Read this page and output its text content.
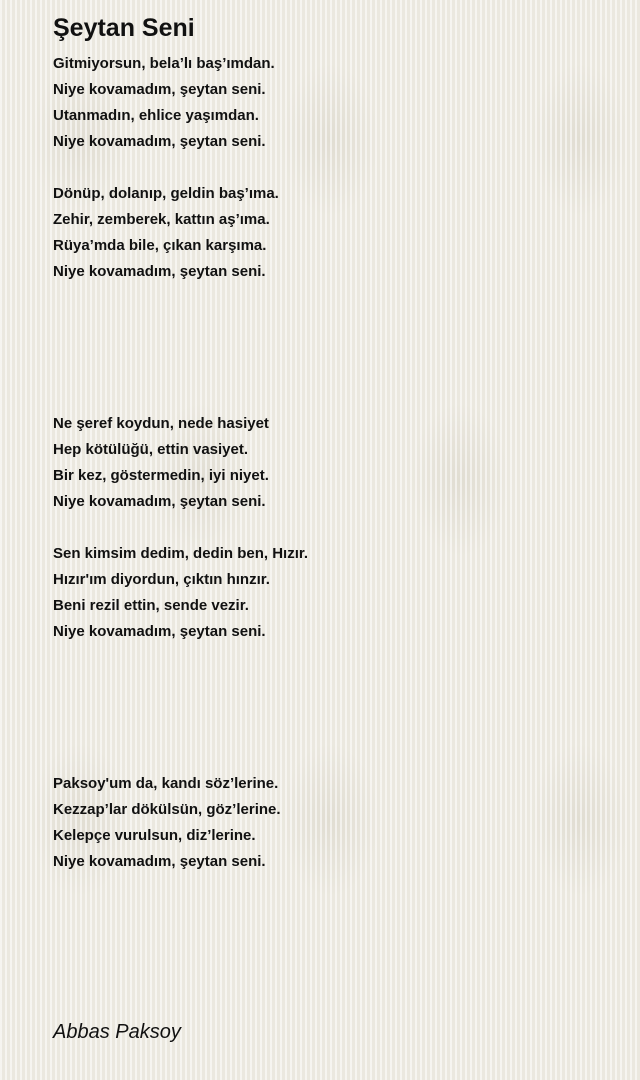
Şeytan Seni
Gitmiyorsun, bela’lı baş’ımdan.
Niye kovamadım, şeytan seni.
Utanmadın, ehlice yaşımdan.
Niye kovamadım, şeytan seni.
Dönüp, dolanıp, geldin baş’ıma.
Zehir, zemberek, kattın aş’ıma.
Rüya’mda bile, çıkan karşıma.
Niye kovamadım, şeytan seni.
Ne şeref koydun, nede hasiyet
Hep kötülüğü, ettin vasiyet.
Bir kez, göstermedin, iyi niyet.
Niye kovamadım, şeytan seni.
Sen kimsim dedim, dedin ben, Hızır.
Hızır'ım diyordun, çıktın hınzır.
Beni rezil ettin, sende vezir.
Niye kovamadım, şeytan seni.
Paksoy'um da, kandı söz’lerine.
Kezzap’lar dökülsün, göz’lerine.
Kelepçe vurulsun, diz’lerine.
Niye kovamadım, şeytan seni.

Abbas Paksoy
